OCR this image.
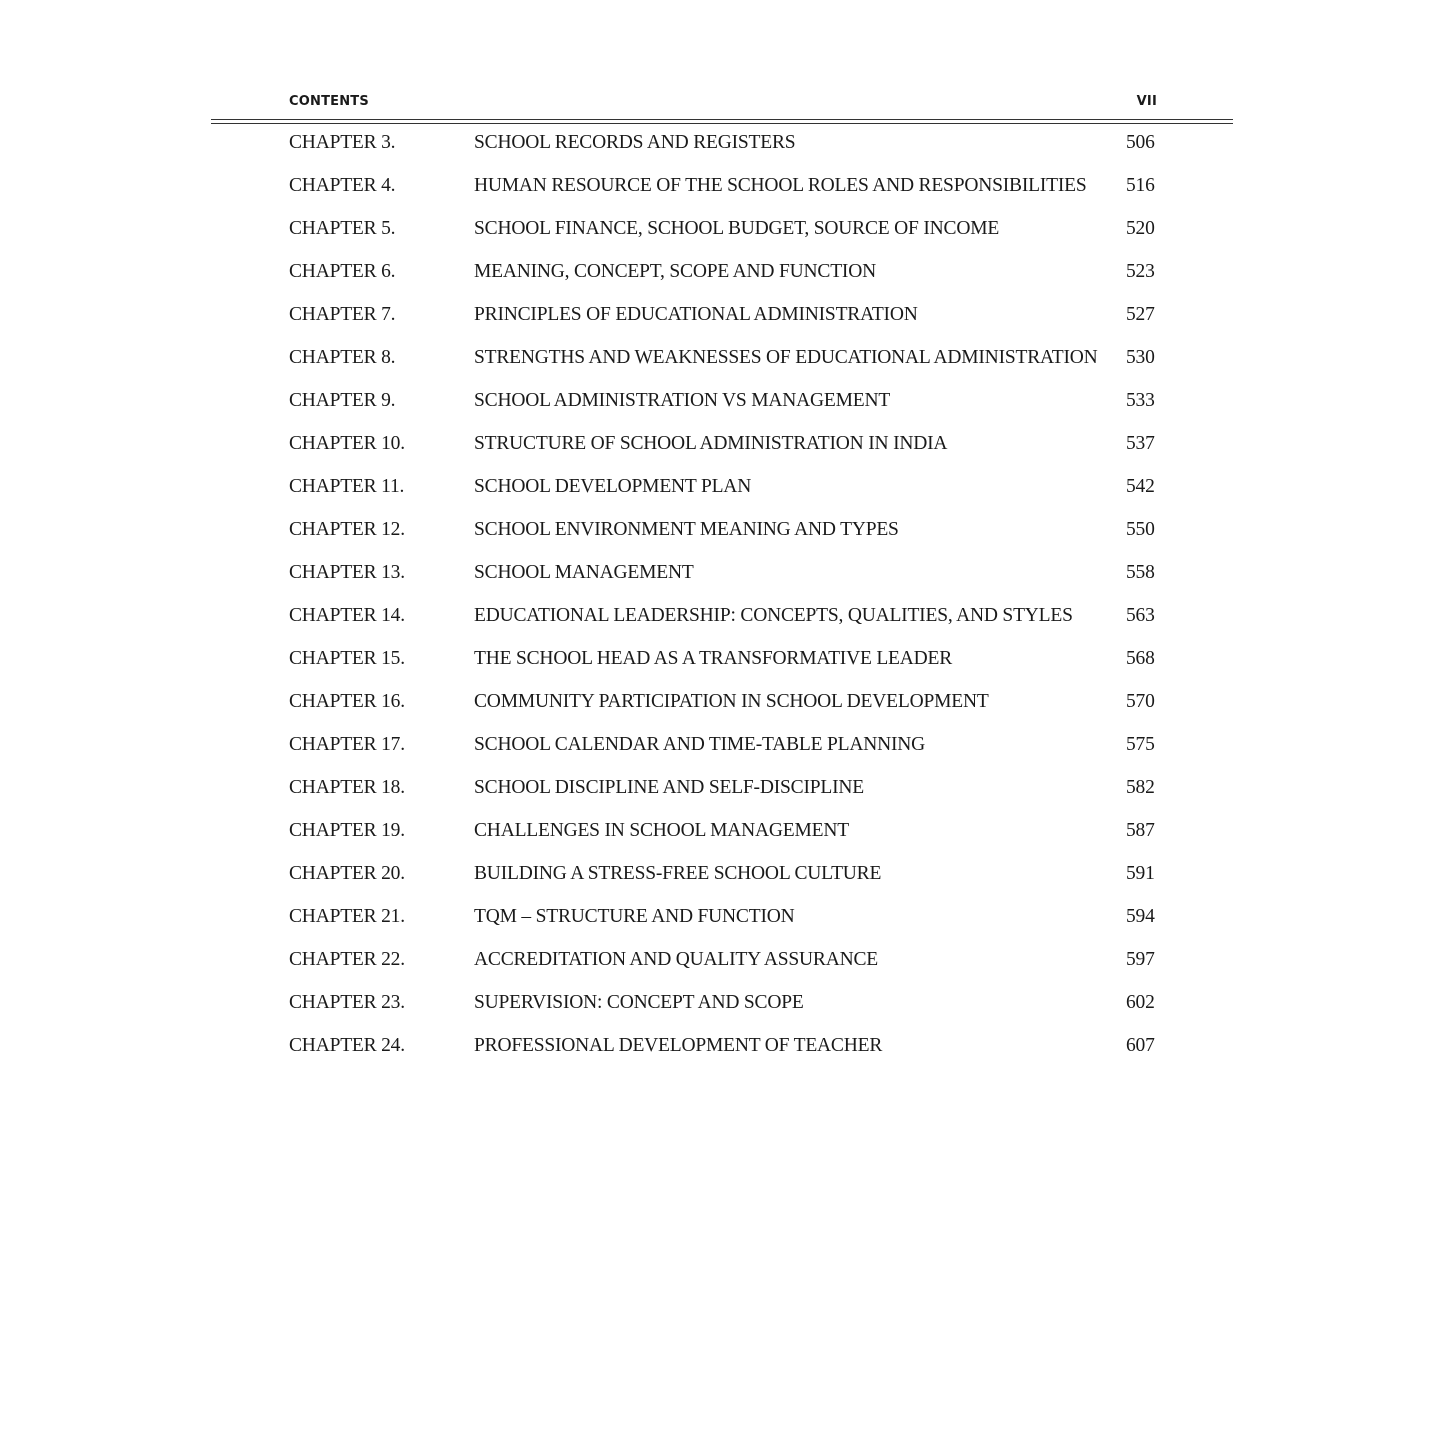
CONTENTS	VII
CHAPTER 3.	SCHOOL RECORDS AND REGISTERS	506
CHAPTER 4.	HUMAN RESOURCE OF THE SCHOOL ROLES AND RESPONSIBILITIES 516
CHAPTER 5.	SCHOOL FINANCE, SCHOOL BUDGET, SOURCE OF INCOME	520
CHAPTER 6.	MEANING, CONCEPT, SCOPE AND FUNCTION	523
CHAPTER 7.	PRINCIPLES OF EDUCATIONAL ADMINISTRATION	527
CHAPTER 8.	STRENGTHS AND WEAKNESSES OF EDUCATIONAL ADMINISTRATION 530
CHAPTER 9.	SCHOOL ADMINISTRATION VS MANAGEMENT	533
CHAPTER 10.	STRUCTURE OF SCHOOL ADMINISTRATION IN INDIA	537
CHAPTER 11.	SCHOOL DEVELOPMENT PLAN	542
CHAPTER 12.	SCHOOL ENVIRONMENT MEANING AND TYPES	550
CHAPTER 13.	SCHOOL MANAGEMENT	558
CHAPTER 14.	EDUCATIONAL LEADERSHIP: CONCEPTS, QUALITIES, AND STYLES	563
CHAPTER 15.	THE SCHOOL HEAD AS A TRANSFORMATIVE LEADER	568
CHAPTER 16.	COMMUNITY PARTICIPATION IN SCHOOL DEVELOPMENT	570
CHAPTER 17.	SCHOOL CALENDAR AND TIME-TABLE PLANNING	575
CHAPTER 18.	SCHOOL DISCIPLINE AND SELF-DISCIPLINE	582
CHAPTER 19.	CHALLENGES IN SCHOOL MANAGEMENT	587
CHAPTER 20.	BUILDING A STRESS-FREE SCHOOL CULTURE	591
CHAPTER 21.	TQM – STRUCTURE AND FUNCTION	594
CHAPTER 22.	ACCREDITATION AND QUALITY ASSURANCE	597
CHAPTER 23.	SUPERVISION: CONCEPT AND SCOPE	602
CHAPTER 24.	PROFESSIONAL DEVELOPMENT OF TEACHER	607
